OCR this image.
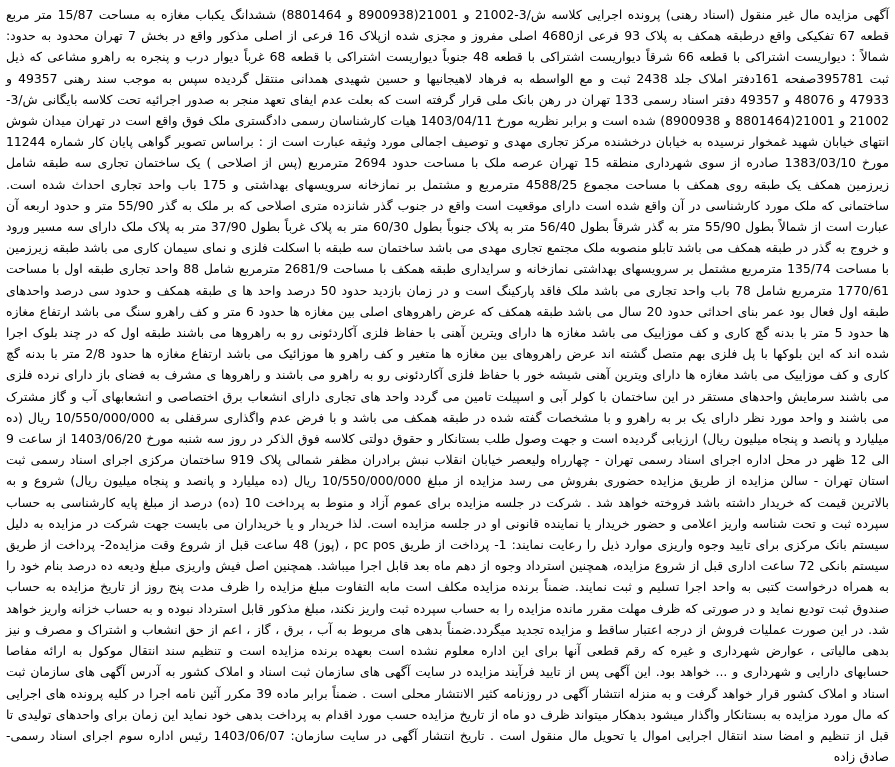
آگهی مزایده مال غیر منقول (اسناد رهنی) پرونده اجرایی کلاسه ش/3-21002 و 21001(8900938 و 8801464) ششدانگ یکباب مغازه به مساحت 15/87 متر مربع قطعه 67 تفکیکی واقع درطبقه همکف به پلاک 93 فرعی از4680 اصلی مفروز و مجزی شده ازپلاک 16 فرعی از اصلی مذکور واقع در بخش 7 تهران محدود به حدود: شمالاً : دیواریست اشتراکی با قطعه 66 شرقاً دیواریست اشتراکی با قطعه 48 جنوباً دیواریست اشتراکی با قطعه 68 غرباً دیوار درب و پنجره به راهرو مشاعی که ذیل ثبت 395781صفحه 161دفتر املاک جلد 2438 ثبت و مع الواسطه به فرهاد لاهیجانیها و حسین شهیدی همدانی منتقل گردیده سپس به موجب سند رهنی 49357 و 47933 و 48076 و 49357 دفتر اسناد رسمی 133 تهران در رهن بانک ملی قرار گرفته است که بعلت عدم ایفای تعهد منجر به صدور اجرائیه تحت کلاسه بایگانی ش/3-21002 و 21001(8801464 و 8900938) شده است و برابر نظریه مورخ 1403/04/11 هیات کارشناسان رسمی دادگستری ملک فوق واقع است در تهران میدان شوش انتهای خیابان شهید غمخوار نرسیده به خیابان درخشنده مرکز تجاری مهدی و توصیف اجمالی مورد وثیقه عبارت است از : براساس تصویر گواهی پایان کار شماره 11244 مورخ 1383/03/10 صادره از سوی شهرداری منطقه 15 تهران عرصه ملک با مساحت حدود 2694 مترمربع (پس از اصلاحی ) یک ساختمان تجاری سه طبقه شامل زیرزمین همکف یک طبقه روی همکف با مساحت مجموع 4588/25 مترمربع و مشتمل بر نمازخانه سرویسهای بهداشتی و 175 باب واحد تجاری احداث شده است. ساختمانی که ملک مورد کارشناسی در آن واقع شده است دارای موقعیت است واقع در جنوب گذر شانزده متری اصلاحی که بر ملک به گذر 55/90 متر و حدود اربعه آن عبارت است از شمالاً بطول 55/90 متر به گذر شرقاً بطول 56/40 متر به پلاک جنوباً بطول 60/30 متر به پلاک غرباً بطول 37/90 متر به پلاک ملک دارای سه مسیر ورود و خروج به گذر در طبقه همکف می باشد تابلو منصوبه ملک مجتمع تجاری مهدی می باشد ساختمان سه طبقه با اسکلت فلزی و نمای سیمان کاری می باشد طبقه زیرزمین با مساحت 135/74 مترمربع مشتمل بر سرویسهای بهداشتی نمازخانه و سرایداری طبقه همکف با مساحت 2681/9 مترمربع شامل 88 واحد تجاری طبقه اول با مساحت 1770/61 مترمربع شامل 78 باب واحد تجاری می باشد ملک فاقد پارکینگ است و در زمان بازدید حدود 50 درصد واحد ها ی طبقه همکف و حدود سی درصد واحدهای طبقه اول فعال بود عمر بنای احداثی حدود 20 سال می باشد طبقه همکف که عرض راهروهای اصلی بین مغازه ها حدود 6 متر و کف راهرو سنگ می باشد ارتفاع مغازه ها حدود 5 متر با بدنه گچ کاری و کف موزاییک می باشد مغازه ها دارای ویترین آهنی با حفاظ فلزی آکاردئونی رو به راهروها می باشند طبقه اول که در چند بلوک اجرا شده اند که این بلوکها با پل فلزی بهم متصل گشته اند عرض راهروهای بین مغازه ها متغیر و کف راهرو ها موزائیک می باشد ارتفاع مغازه ها حدود 2/8 متر با بدنه گچ کاری و کف موزاییک می باشد مغازه ها دارای ویترین آهنی شیشه خور با حفاظ فلزی آکاردئونی رو به راهرو می باشند و راهروها ی مشرف به فضای باز دارای نرده فلزی می باشند سرمایش واحدهای مستقر در این ساختمان با کولر آبی و اسپیلت تامین می گردد واحد های تجاری دارای انشعاب برق اختصاصی و انشعابهای آب و گاز مشترک می باشند و واحد مورد نظر دارای یک بر به راهرو و با مشخصات گفته شده در طبقه همکف می باشد و با فرض عدم واگذاری سرقفلی به 10/550/000/000 ریال (ده میلیارد و پانصد و پنجاه میلیون ریال) ارزیابی گردیده است و جهت وصول طلب بستانکار و حقوق دولتی کلاسه فوق الذکر در روز سه شنبه مورخ 1403/06/20 از ساعت 9 الی 12 ظهر در محل اداره اجرای اسناد رسمی تهران - چهارراه ولیعصر خیابان انقلاب نبش برادران مظفر شمالی پلاک 919 ساختمان مرکزی اجرای اسناد رسمی ثبت استان تهران - سالن مزایده از طریق مزایده حضوری بفروش می رسد مزایده از مبلغ 10/550/000/000 ریال (ده میلیارد و پانصد و پنجاه میلیون ریال) شروع و به بالاترین قیمت که خریدار داشته باشد فروخته خواهد شد . شرکت در جلسه مزایده برای عموم آزاد و منوط به پرداخت 10 (ده) درصد از مبلغ پایه کارشناسی به حساب سپرده ثبت و تحت شناسه واریز اعلامی و حضور خریدار یا نماینده قانونی او در جلسه مزایده است. لذا خریدار و یا خریداران می بایست جهت شرکت در مزایده به دلیل سیستم بانک مرکزی برای تایید وجوه واریزی موارد ذیل را رعایت نمایند: 1- پرداخت از طریق pc pos ، (پوز) 48 ساعت قبل از شروع وقت مزایده2- پرداخت از طریق سیستم بانکی 72 ساعت اداری قبل از شروع مزایده، همچنین استرداد وجوه از دهم ماه بعد قابل اجرا میباشد. همچنین اصل فیش واریزی مبلغ ودیعه ده درصد بنام خود را به همراه درخواست کتبی به واحد اجرا تسلیم و ثبت نمایند. ضمناً برنده مزایده مکلف است مابه التفاوت مبلغ مزایده را ظرف مدت پنج روز از تاریخ مزایده به حساب صندوق ثبت تودیع نماید و در صورتی که ظرف مهلت مقرر مانده مزایده را به حساب سپرده ثبت واریز نکند، مبلغ مذکور قابل استرداد نبوده و به حساب خزانه واریز خواهد شد. در این صورت عملیات فروش از درجه اعتبار ساقط و مزایده تجدید میگردد.ضمناً بدهی های مربوط به آب ، برق ، گاز ، اعم از حق انشعاب و اشتراک و مصرف و نیز بدهی مالیاتی ، عوارض شهرداری و غیره که رقم قطعی آنها برای این اداره معلوم نشده است بعهده برنده مزایده است و تنظیم سند انتقال موکول به ارائه مفاصا حسابهای دارایی و شهرداری و ... خواهد بود. این آگهی پس از تایید فرآیند مزایده در سایت آگهی های سازمان ثبت اسناد و املاک کشور به آدرس آگهی های سازمان ثبت اسناد و املاک کشور قرار خواهد گرفت و به منزله انتشار آگهی در روزنامه کثیر الانتشار محلی است . ضمناً برابر ماده 39 مکرر آئین نامه اجرا در کلیه پرونده های اجرایی که مال مورد مزایده به بستانکار واگذار میشود بدهکار میتواند ظرف دو ماه از تاریخ مزایده حسب مورد اقدام به پرداخت بدهی خود نماید این زمان برای واحدهای تولیدی تا قبل از تنظیم و امضا سند انتقال اجرایی اموال یا تحویل مال منقول است . تاریخ انتشار آگهی در سایت سازمان: 1403/06/07 رئیس اداره سوم اجرای اسناد رسمی- صادق زاده
